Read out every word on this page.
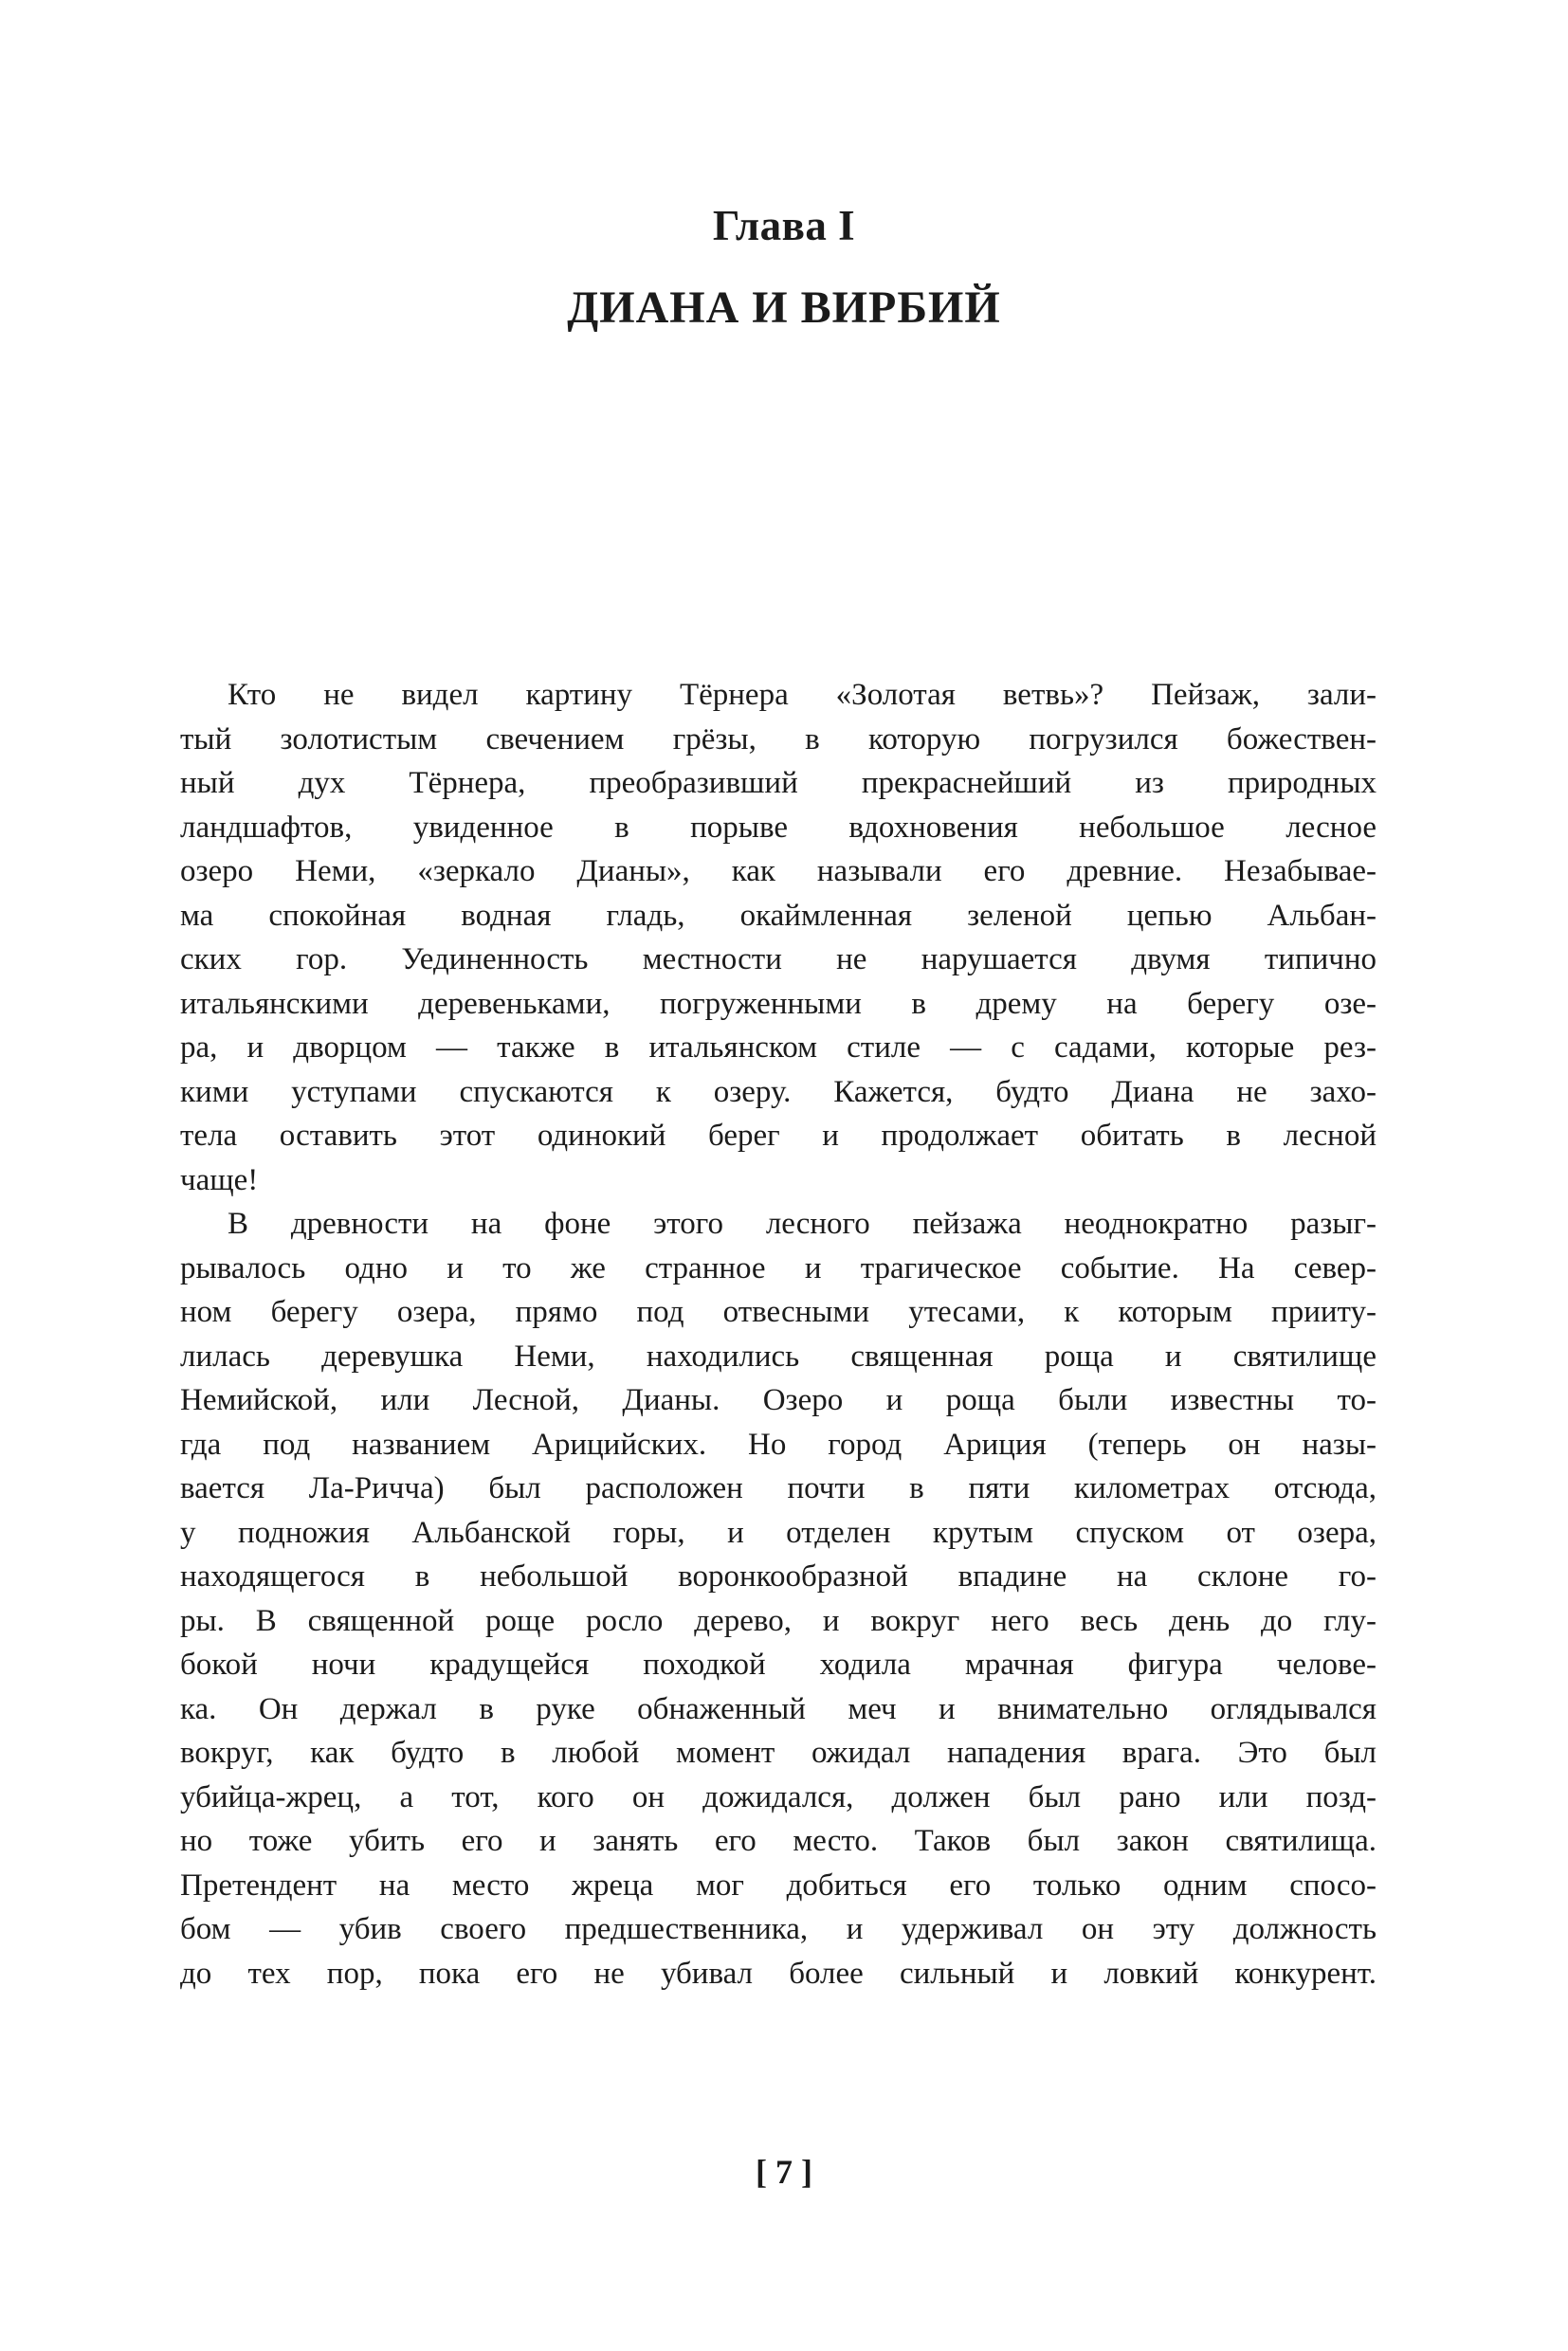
Глава I
ДИАНА И ВИРБИЙ
Кто не видел картину Тёрнера «Золотая ветвь»? Пейзаж, зали-
тый золотистым свечением грёзы, в которую погрузился божествен-
ный дух Тёрнера, преобразивший прекраснейший из природных
ландшафтов, увиденное в порыве вдохновения небольшое лесное
озеро Неми, «зеркало Дианы», как называли его древние. Незабывае-
ма спокойная водная гладь, окаймленная зеленой цепью Альбан-
ских гор. Уединенность местности не нарушается двумя типично
итальянскими деревеньками, погруженными в дрему на берегу озе-
ра, и дворцом — также в итальянском стиле — с садами, которые рез-
кими уступами спускаются к озеру. Кажется, будто Диана не захо-
тела оставить этот одинокий берег и продолжает обитать в лесной
чаще!
В древности на фоне этого лесного пейзажа неоднократно разыг-
рывалось одно и то же странное и трагическое событие. На север-
ном берегу озера, прямо под отвесными утесами, к которым прииту-
лилась деревушка Неми, находились священная роща и святилище
Немийской, или Лесной, Дианы. Озеро и роща были известны то-
гда под названием Арицийских. Но город Ариция (теперь он назы-
вается Ла-Ричча) был расположен почти в пяти километрах отсюда,
у подножия Альбанской горы, и отделен крутым спуском от озера,
находящегося в небольшой воронкообразной впадине на склоне го-
ры. В священной роще росло дерево, и вокруг него весь день до глу-
бокой ночи крадущейся походкой ходила мрачная фигура челове-
ка. Он держал в руке обнаженный меч и внимательно оглядывался
вокруг, как будто в любой момент ожидал нападения врага. Это был
убийца-жрец, а тот, кого он дожидался, должен был рано или позд-
но тоже убить его и занять его место. Таков был закон святилища.
Претендент на место жреца мог добиться его только одним спосо-
бом — убив своего предшественника, и удерживал он эту должность
до тех пор, пока его не убивал более сильный и ловкий конкурент.
[ 7 ]
